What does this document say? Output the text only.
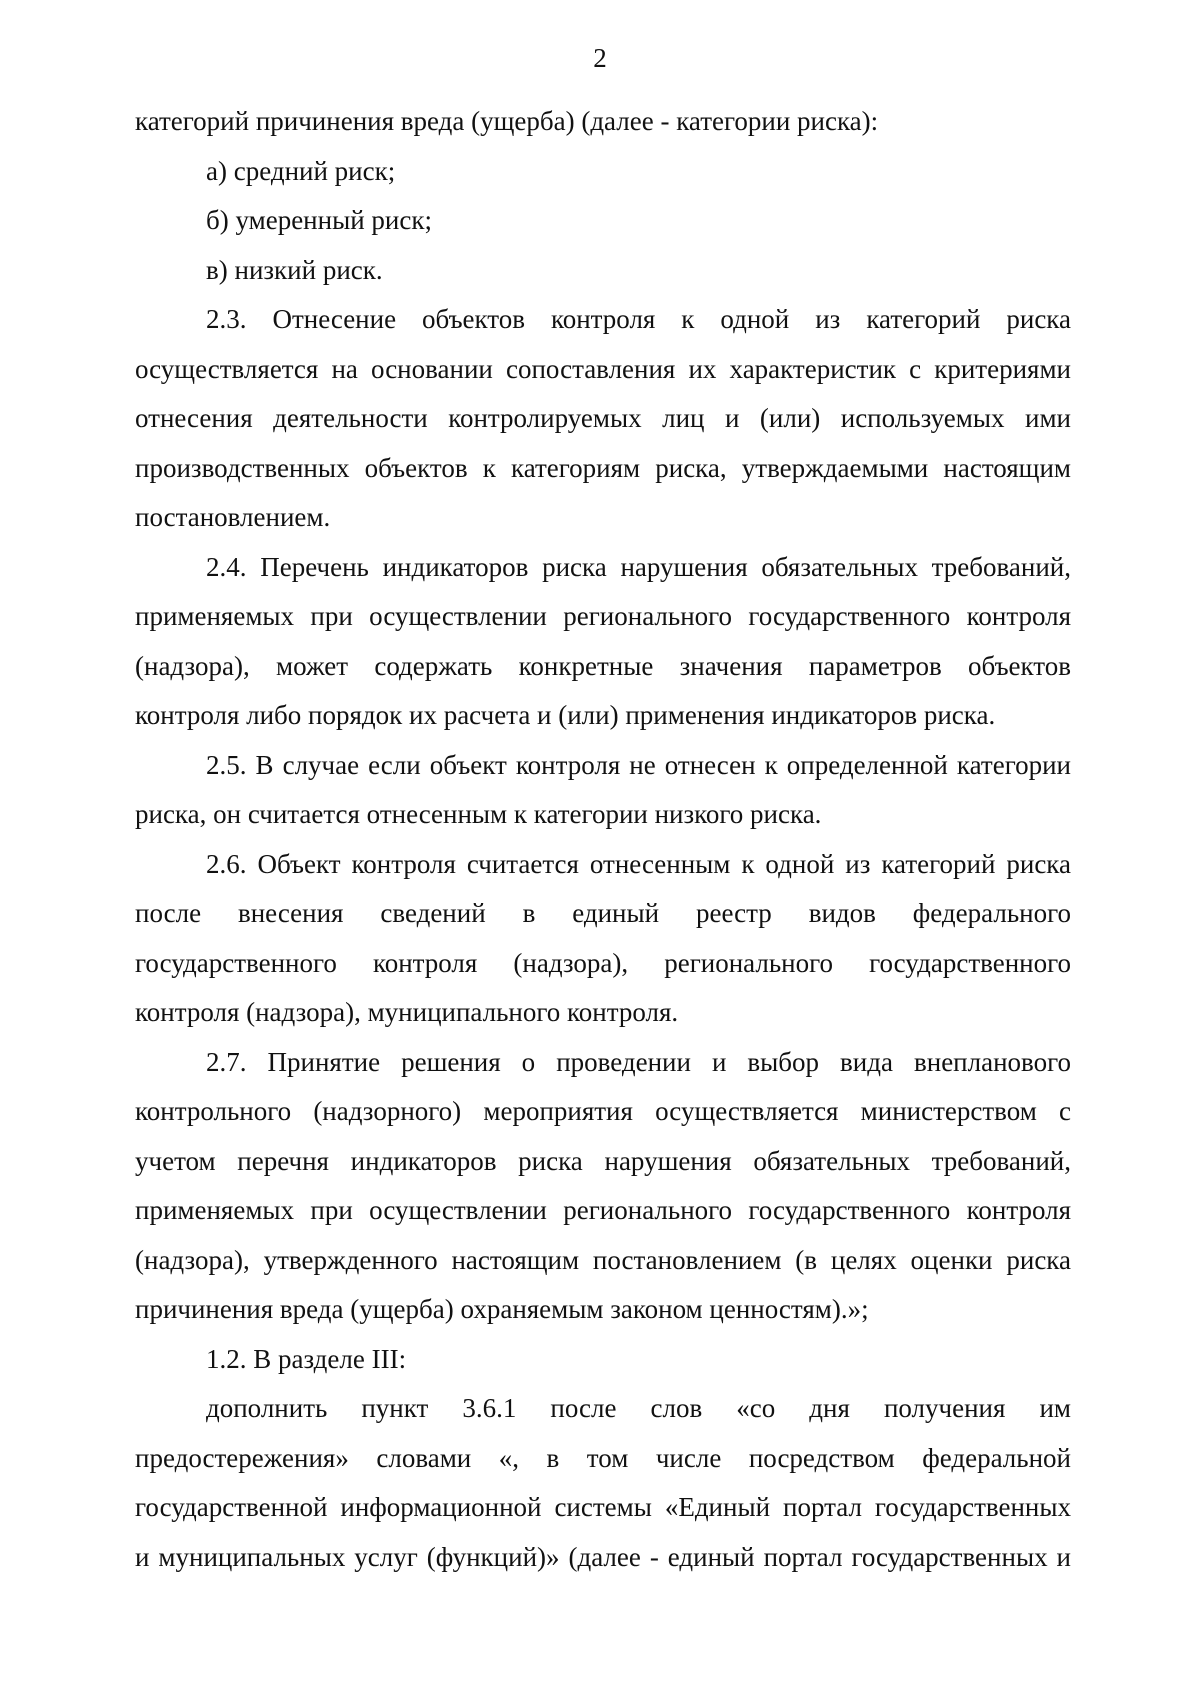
2
категорий причинения вреда (ущерба) (далее - категории риска):
а) средний риск;
б) умеренный риск;
в) низкий риск.
2.3. Отнесение объектов контроля к одной из категорий риска
осуществляется на основании сопоставления их характеристик с критериями
отнесения деятельности контролируемых лиц и (или) используемых ими
производственных объектов к категориям риска, утверждаемыми настоящим
постановлением.
2.4. Перечень индикаторов риска нарушения обязательных требований,
применяемых при осуществлении регионального государственного контроля
(надзора), может содержать конкретные значения параметров объектов
контроля либо порядок их расчета и (или) применения индикаторов риска.
2.5. В случае если объект контроля не отнесен к определенной категории
риска, он считается отнесенным к категории низкого риска.
2.6. Объект контроля считается отнесенным к одной из категорий риска
после внесения сведений в единый реестр видов федерального
государственного контроля (надзора), регионального государственного
контроля (надзора), муниципального контроля.
2.7. Принятие решения о проведении и выбор вида внепланового
контрольного (надзорного) мероприятия осуществляется министерством с
учетом перечня индикаторов риска нарушения обязательных требований,
применяемых при осуществлении регионального государственного контроля
(надзора), утвержденного настоящим постановлением (в целях оценки риска
причинения вреда (ущерба) охраняемым законом ценностям).»;
1.2. В разделе III:
дополнить пункт 3.6.1 после слов «со дня получения им
предостережения» словами «, в том числе посредством федеральной
государственной информационной системы «Единый портал государственных
и муниципальных услуг (функций)» (далее - единый портал государственных и
